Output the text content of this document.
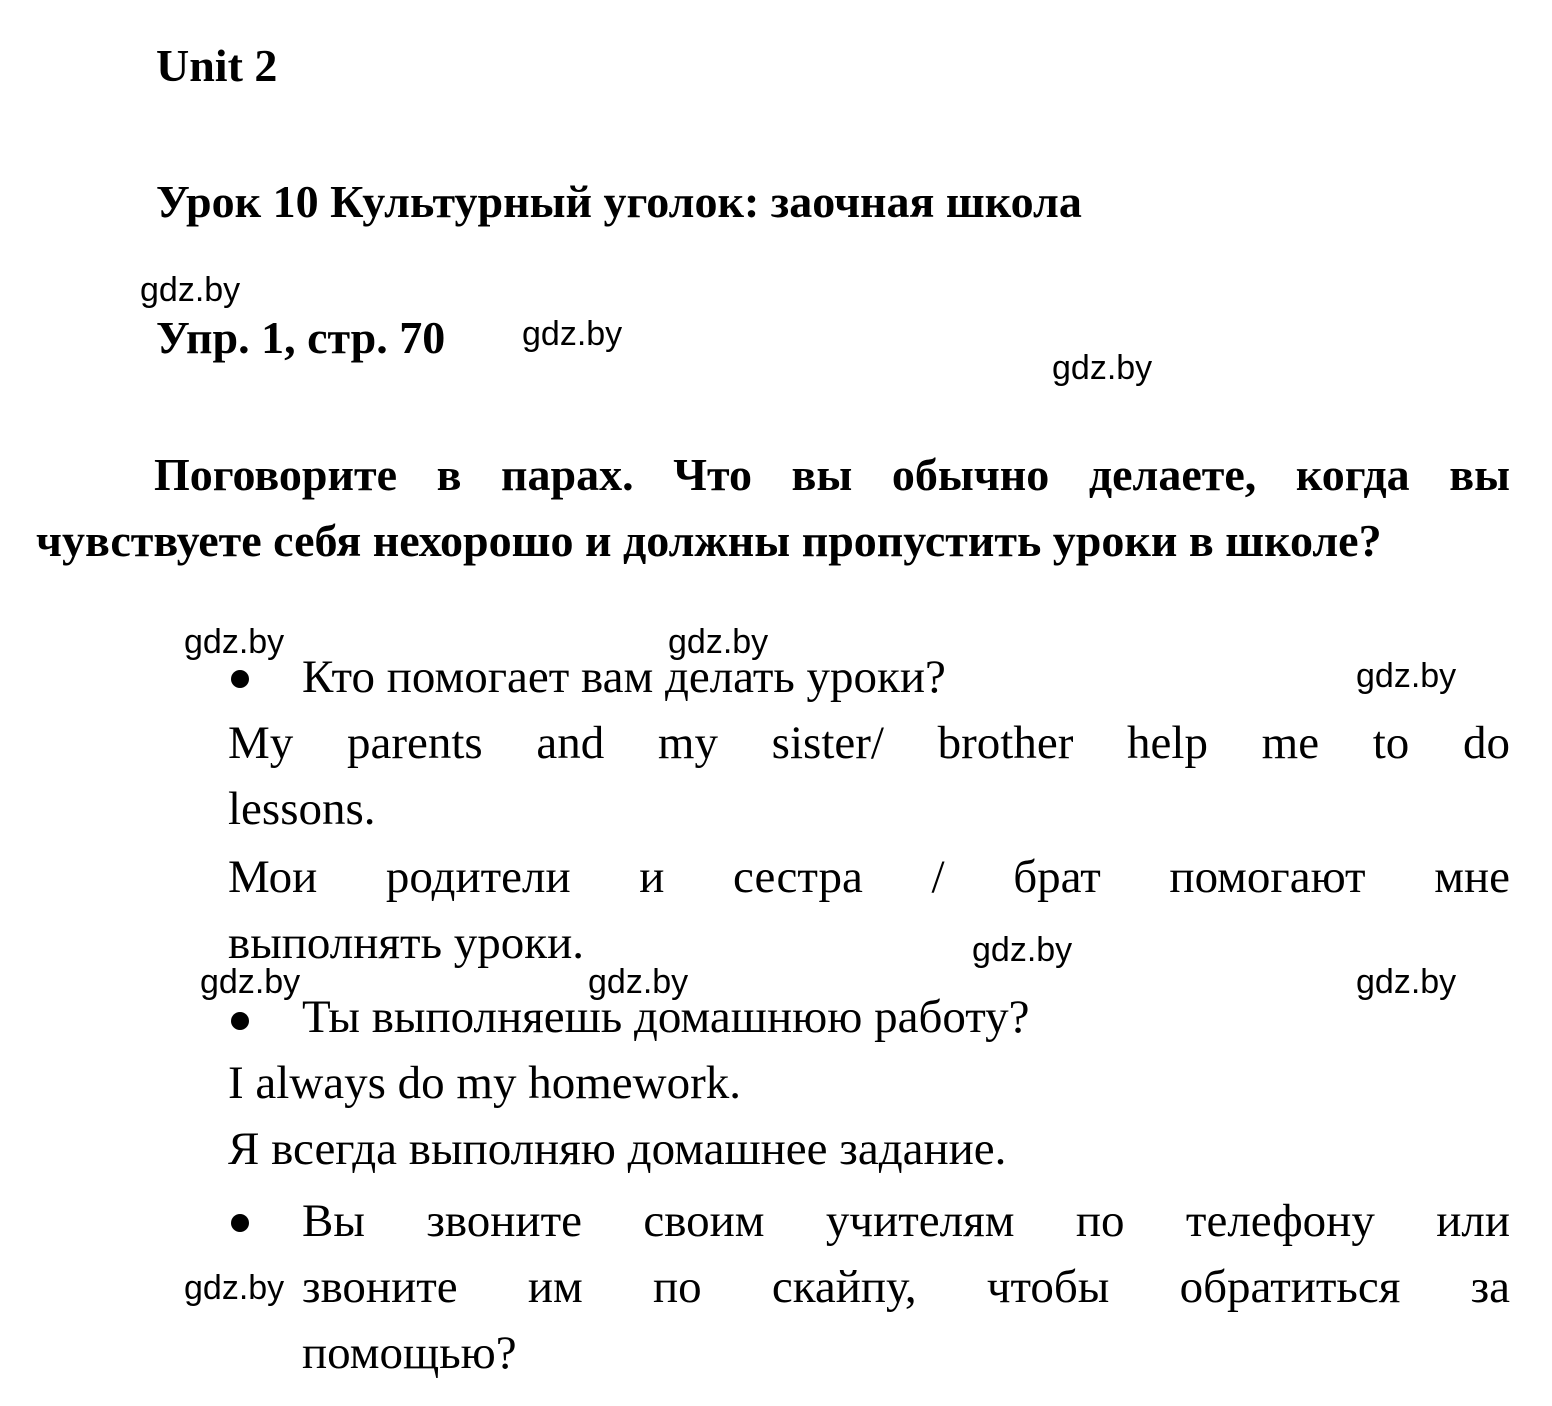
Unit 2
Урок 10 Культурный уголок: заочная школа
Упр. 1, стр. 70

Поговорите в парах. Что вы обычно делаете, когда вы чувствуете себя нехорошо и должны пропустить уроки в школе?

Кто помогает вам делать уроки?
My parents and my sister/ brother help me to do
lessons.
Мои родители и сестра / брат помогают мне
выполнять уроки.
Ты выполняешь домашнюю работу?
I always do my homework.
Я всегда выполняю домашнее задание.
Вы звоните своим учителям по телефону или
звоните им по скайпу, чтобы обратиться за
помощью?
gdz.by
gdz.by
gdz.by
gdz.by	gdz.by
gdz.by
gdz.by
gdz.by	gdz.by	gdz.by
gdz.by
